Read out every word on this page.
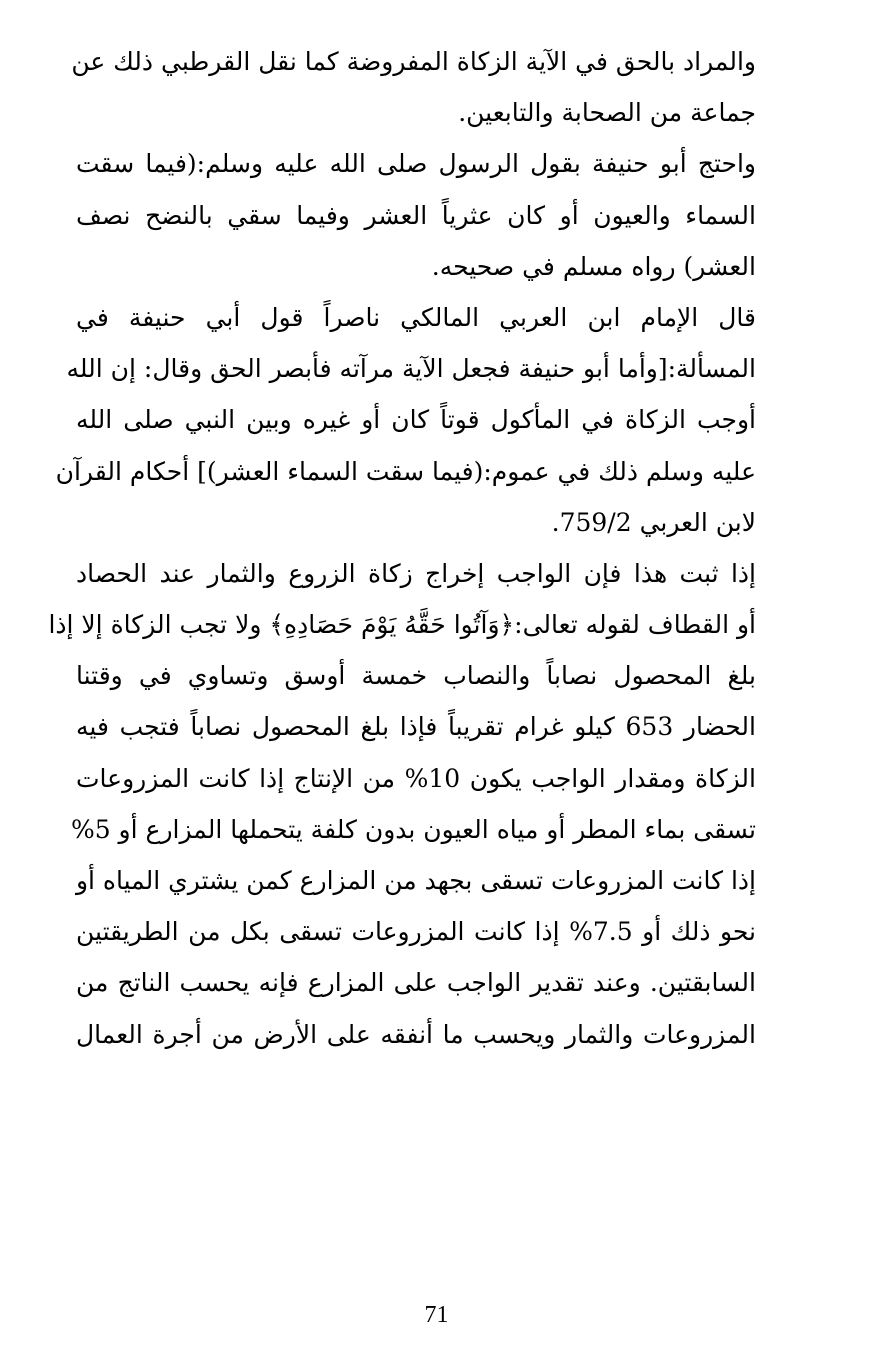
والمراد بالحق في الآية الزكاة المفروضة كما نقل القرطبي ذلك عن
جماعة من الصحابة والتابعين.
واحتج أبو حنيفة بقول الرسول صلى الله عليه وسلم:(فيما سقت
السماء والعيون أو كان عثرياً العشر وفيما سقي بالنضح نصف
العشر) رواه مسلم في صحيحه.
قال الإمام ابن العربي المالكي ناصراً قول أبي حنيفة في
المسألة:[وأما أبو حنيفة فجعل الآية مرآته فأبصر الحق وقال: إن الله
أوجب الزكاة في المأكول قوتاً كان أو غيره وبين النبي صلى الله
عليه وسلم ذلك في عموم:(فيما سقت السماء العشر)] أحكام القرآن
لابن العربي 759/2.
إذا ثبت هذا فإن الواجب إخراج زكاة الزروع والثمار عند الحصاد
أو القطاف لقوله تعالى:﴿وَآتُوا حَقَّهُ يَوْمَ حَصَادِهِ﴾ ولا تجب الزكاة إلا إذا
بلغ المحصول نصاباً والنصاب خمسة أوسق وتساوي في وقتنا
الحضار 653 كيلو غرام تقريباً فإذا بلغ المحصول نصاباً فتجب فيه
الزكاة ومقدار الواجب يكون 10% من الإنتاج إذا كانت المزروعات
تسقى بماء المطر أو مياه العيون بدون كلفة يتحملها المزارع أو 5%
إذا كانت المزروعات تسقى بجهد من المزارع كمن يشتري المياه أو
نحو ذلك أو 7.5% إذا كانت المزروعات تسقى بكل من الطريقتين
السابقتين. وعند تقدير الواجب على المزارع فإنه يحسب الناتج من
المزروعات والثمار ويحسب ما أنفقه على الأرض من أجرة العمال
71
